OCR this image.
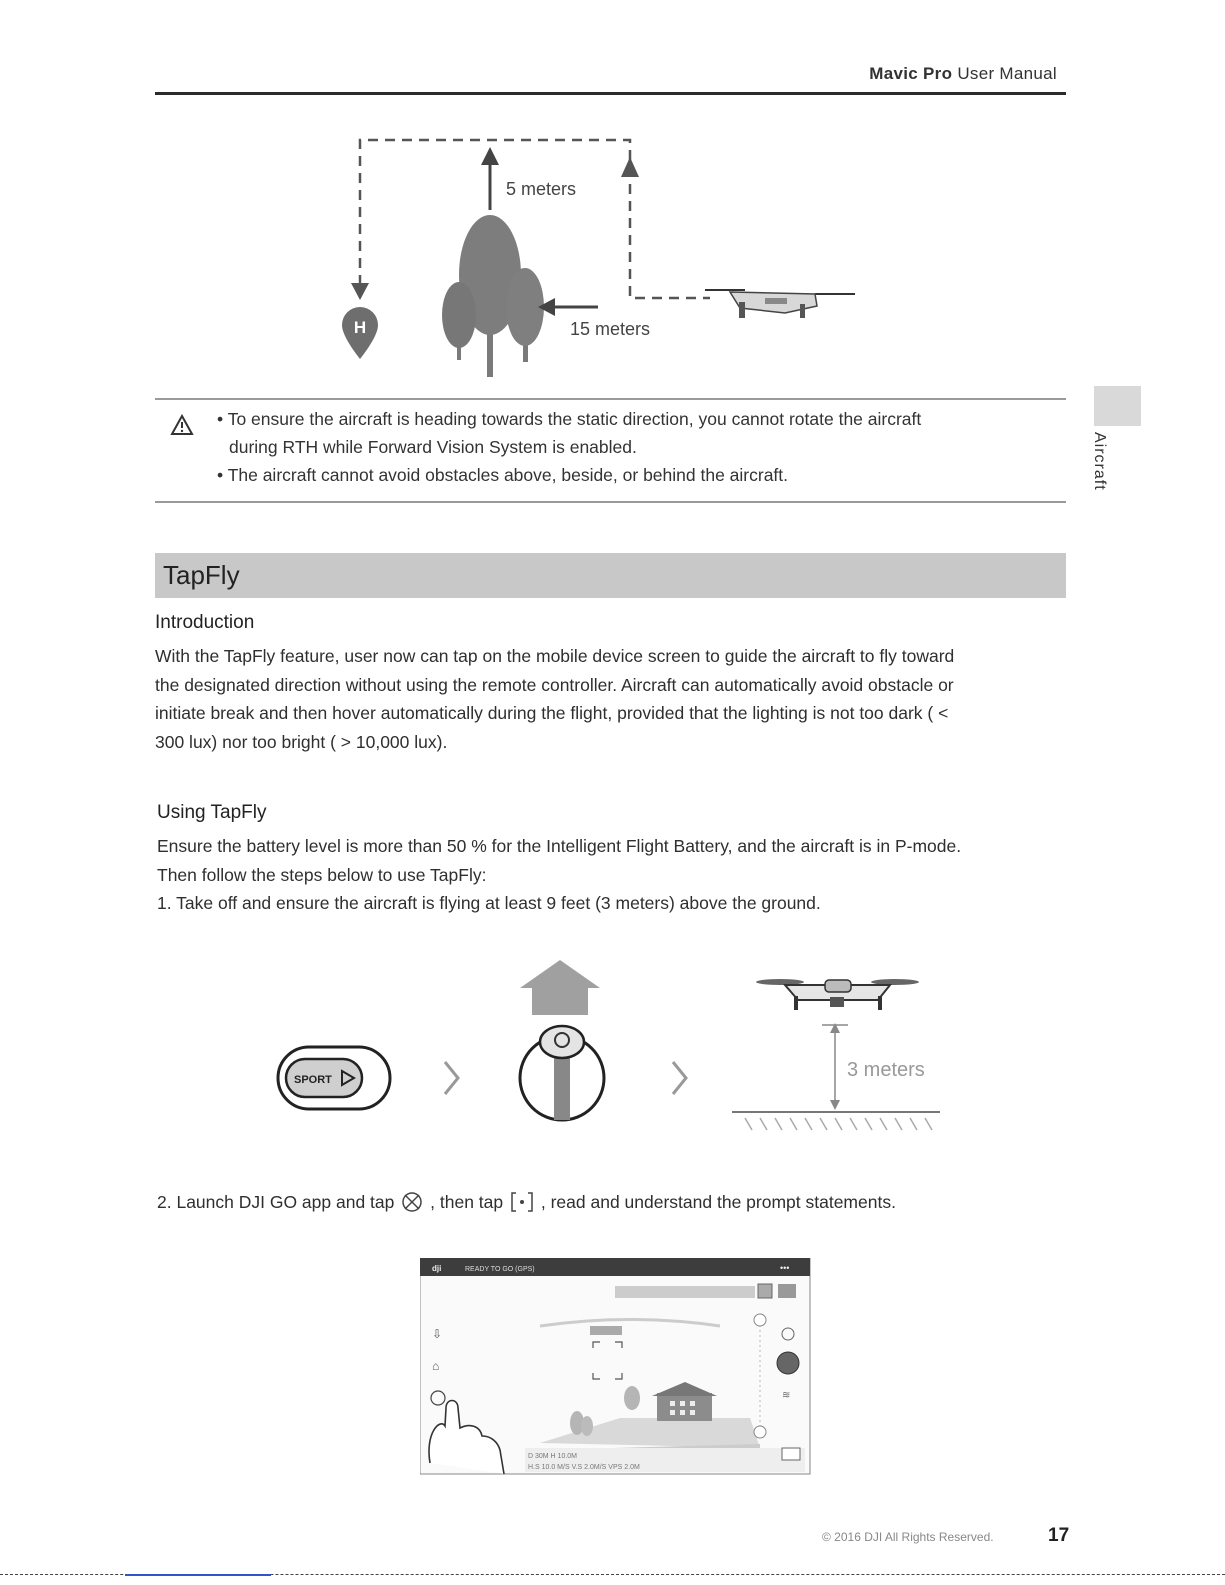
Mavic Pro User Manual
Aircraft
5 meters
15 meters
H
• To ensure the aircraft is heading towards the static direction, you cannot rotate the aircraft
during RTH while Forward Vision System is enabled.
• The aircraft cannot avoid obstacles above, beside, or behind the aircraft.
TapFly
Introduction
With the TapFly feature, user now can tap on the mobile device screen to guide the aircraft to fly toward
the designated direction without using the remote controller. Aircraft can automatically avoid obstacle or
initiate break and then hover automatically during the flight, provided that the lighting is not too dark ( <
300 lux) nor too bright ( > 10,000 lux).
Using TapFly
Ensure the battery level is more than 50 % for the Intelligent Flight Battery, and the aircraft is in P-mode.
Then follow the steps below to use TapFly:
1. Take off and ensure the aircraft is flying at least 9 feet (3 meters) above the ground.
SPORT	3 meters
2. Launch DJI GO app and tap , then tap , read and understand the prompt statements.
READY TO GO (GPS)
dji	•••
⇩
⌂
≋
D 30M H 10.0M
H.S 10.0 M/S V.S 2.0M/S VPS 2.0M
© 2016 DJI All Rights Reserved.	17
